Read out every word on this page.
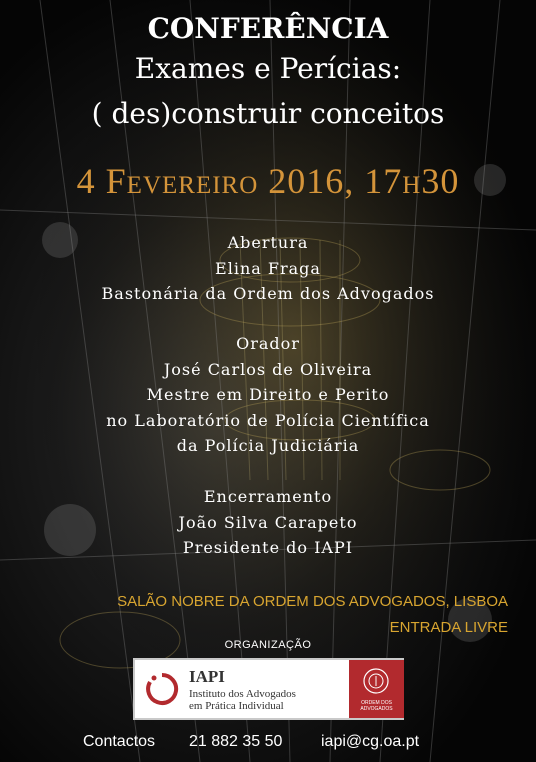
CONFERÊNCIA
Exames e Perícias:
( des)construir conceitos
4 Fevereiro 2016, 17h30
Abertura
Elina Fraga
Bastonária da Ordem dos Advogados
Orador
José Carlos de Oliveira
Mestre em Direito e Perito
no Laboratório de Polícia Científica
da Polícia Judiciária
Encerramento
João Silva Carapeto
Presidente do IAPI
SALÃO NOBRE DA ORDEM DOS ADVOGADOS, LISBOA
ENTRADA LIVRE
ORGANIZAÇÃO
IAPI
Instituto dos Advogados
em Prática Individual	ORDEM DOS ADVOGADOS
Contactos 21 882 35 50 iapi@cg.oa.pt
